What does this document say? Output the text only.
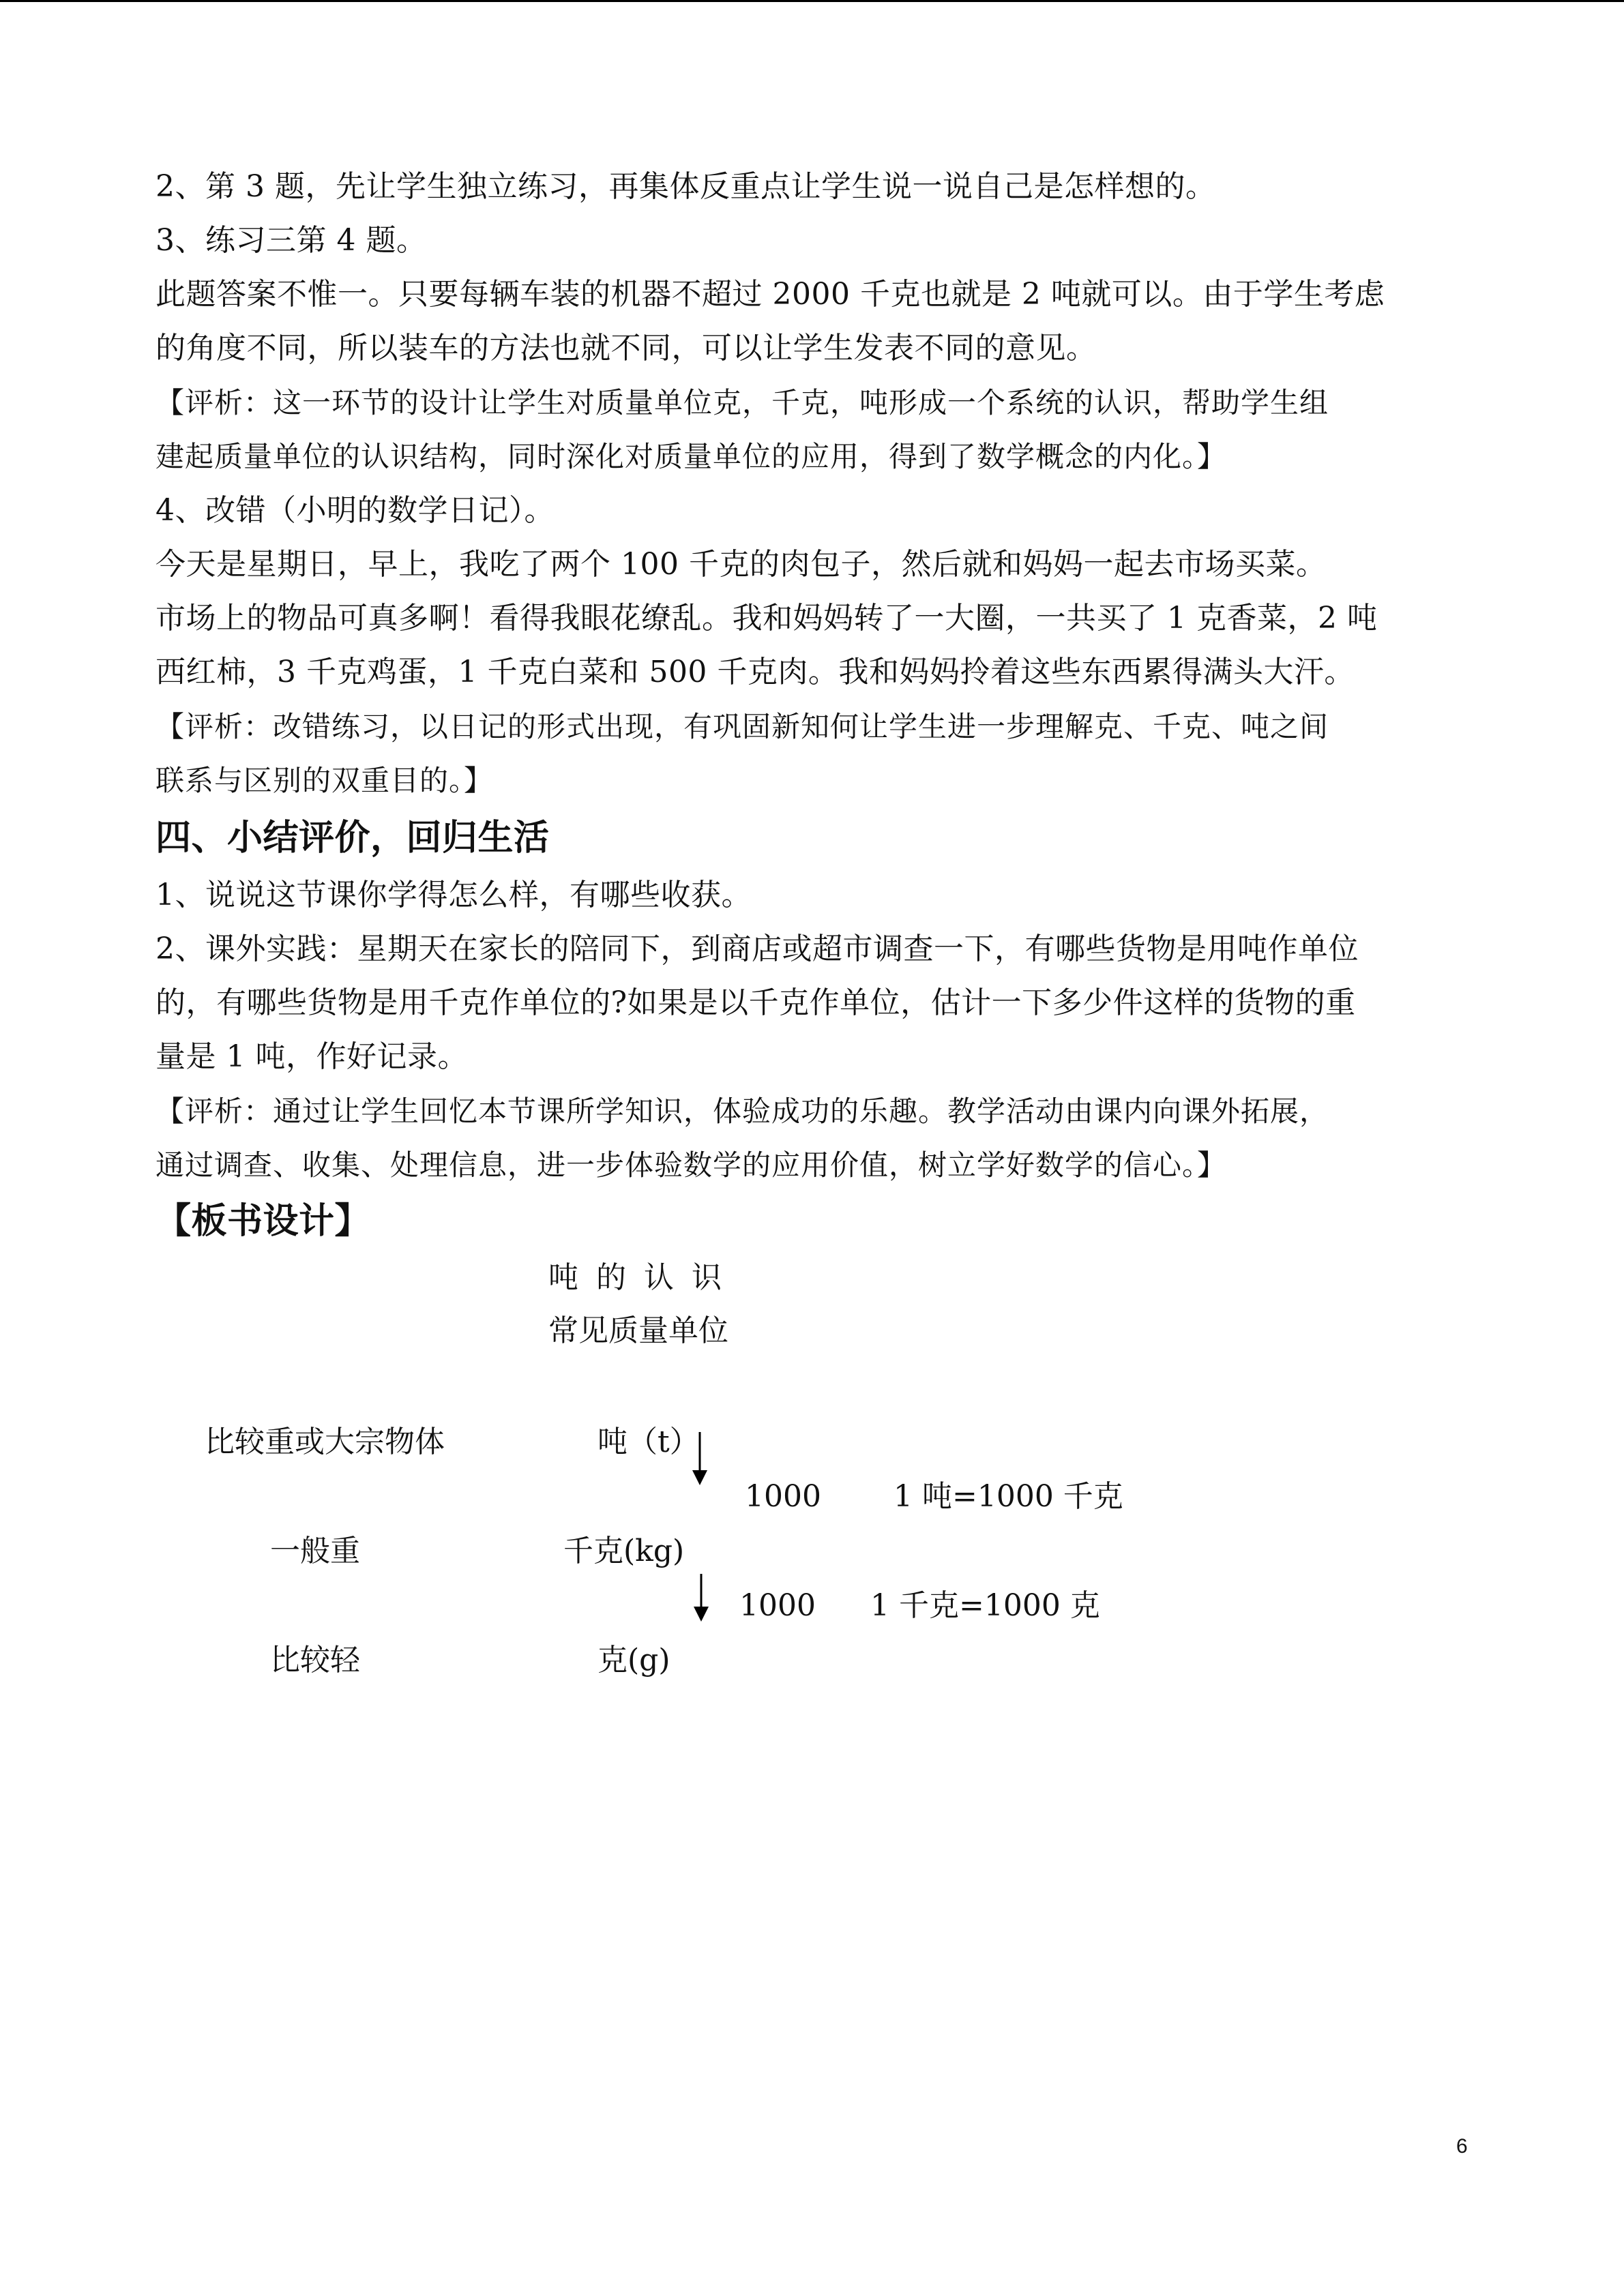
2、第 3 题，先让学生独立练习，再集体反重点让学生说一说自己是怎样想的。
3、练习三第 4 题。
此题答案不惟一。只要每辆车装的机器不超过 2000 千克也就是 2 吨就可以。由于学生考虑
的角度不同，所以装车的方法也就不同，可以让学生发表不同的意见。
【评析：这一环节的设计让学生对质量单位克，千克，吨形成一个系统的认识，帮助学生组
建起质量单位的认识结构，同时深化对质量单位的应用，得到了数学概念的内化。】
4、改错（小明的数学日记）。
今天是星期日，早上，我吃了两个 100 千克的肉包子，然后就和妈妈一起去市场买菜。
市场上的物品可真多啊！看得我眼花缭乱。我和妈妈转了一大圈，一共买了 1 克香菜，2 吨
西红柿，3 千克鸡蛋，1 千克白菜和 500 千克肉。我和妈妈拎着这些东西累得满头大汗。
【评析：改错练习，以日记的形式出现，有巩固新知何让学生进一步理解克、千克、吨之间
联系与区别的双重目的。】
四、小结评价，回归生活
1、说说这节课你学得怎么样，有哪些收获。
2、课外实践：星期天在家长的陪同下，到商店或超市调查一下，有哪些货物是用吨作单位
的，有哪些货物是用千克作单位的?如果是以千克作单位，估计一下多少件这样的货物的重
量是 1 吨，作好记录。
【评析：通过让学生回忆本节课所学知识，体验成功的乐趣。教学活动由课内向课外拓展，
通过调查、收集、处理信息，进一步体验数学的应用价值，树立学好数学的信心。】
【板书设计】
吨 的 认 识
常见质量单位
比较重或大宗物体	吨（t）
1000 1 吨=1000 千克
一般重	千克(kg)
1000 1 千克=1000 克
比较轻	克(g)
6
